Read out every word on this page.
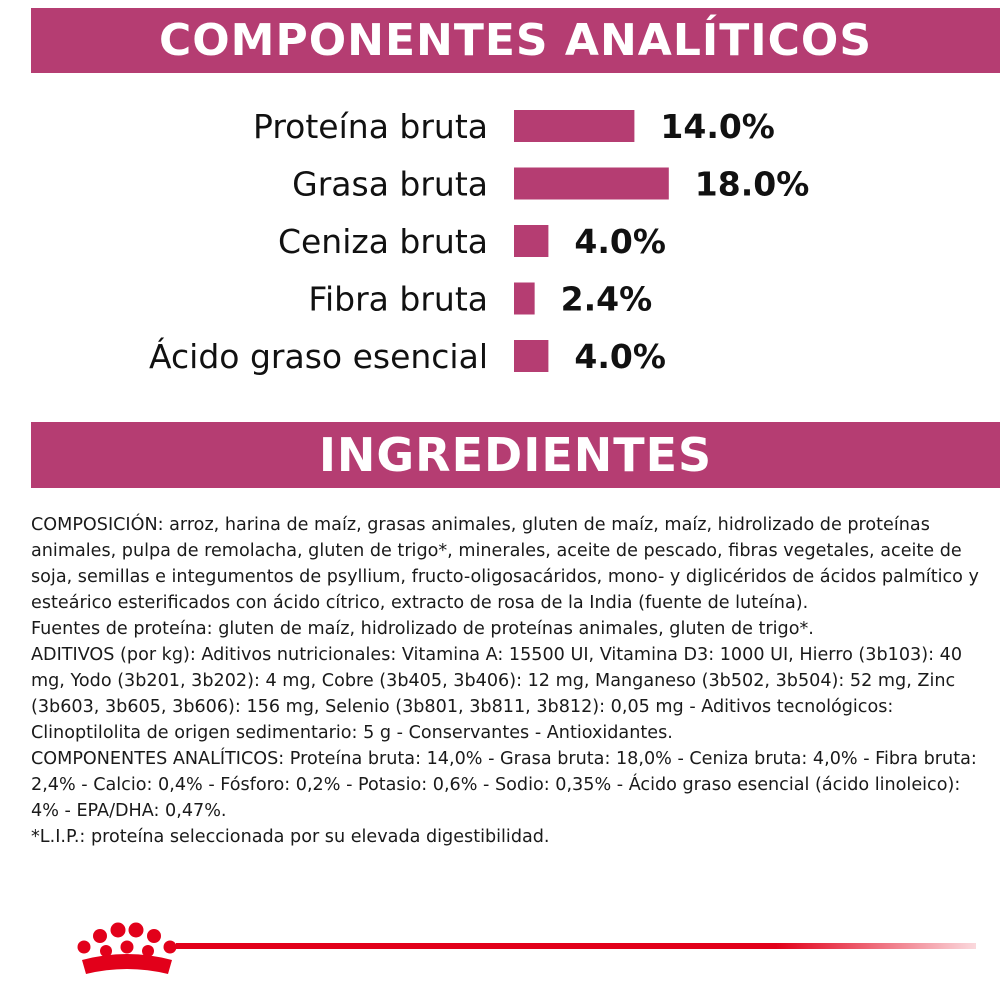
COMPONENTES ANALÍTICOS
Proteína bruta	14.0%
Grasa bruta	18.0%
Ceniza bruta	4.0%
Fibra bruta 2.4%
Ácido graso esencial	4.0%
INGREDIENTES

COMPOSICIÓN: arroz, harina de maíz, grasas animales, gluten de maíz, maíz, hidrolizado de proteínas animales, pulpa de remolacha, gluten de trigo*, minerales, aceite de pescado, fibras vegetales, aceite de soja, semillas e integumentos de psyllium, fructo-oligosacáridos, mono- y diglicéridos de ácidos palmítico y esteárico esterificados con ácido cítrico, extracto de rosa de la India (fuente de luteína).

Fuentes de proteína: gluten de maíz, hidrolizado de proteínas animales, gluten de trigo*.

ADITIVOS (por kg): Aditivos nutricionales: Vitamina A: 15500 UI, Vitamina D3: 1000 UI, Hierro (3b103): 40 mg, Yodo (3b201, 3b202): 4 mg, Cobre (3b405, 3b406): 12 mg, Manganeso (3b502, 3b504): 52 mg, Zinc (3b603, 3b605, 3b606): 156 mg, Selenio (3b801, 3b811, 3b812): 0,05 mg - Aditivos tecnológicos: Clinoptilolita de origen sedimentario: 5 g - Conservantes - Antioxidantes.

COMPONENTES ANALÍTICOS: Proteína bruta: 14,0% - Grasa bruta: 18,0% - Ceniza bruta: 4,0% - Fibra bruta: 2,4% - Calcio: 0,4% - Fósforo: 0,2% - Potasio: 0,6% - Sodio: 0,35% - Ácido graso esencial (ácido linoleico): 4% - EPA/DHA: 0,47%.

*L.I.P.: proteína seleccionada por su elevada digestibilidad.
